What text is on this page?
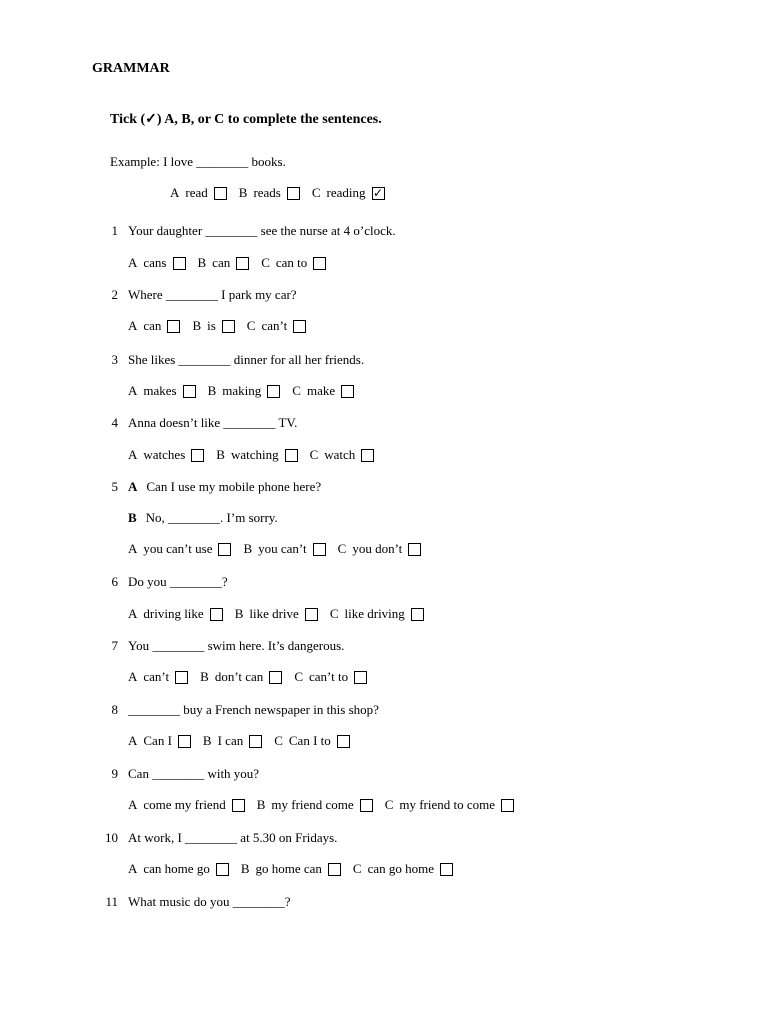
GRAMMAR
Tick (✓) A, B, or C to complete the sentences.
Example: I love ________ books.
A read B reads C reading ✓
1 Your daughter ________ see the nurse at 4 o’clock.
A cans B can C can to
2 Where ________ I park my car?
A can B is C can’t
3 She likes ________ dinner for all her friends.
A makes B making C make
4 Anna doesn’t like ________ TV.
A watches B watching C watch
5 A Can I use my mobile phone here?
B No, ________. I’m sorry.
A you can’t use B you can’t C you don’t
6 Do you ________?
A driving like B like drive C like driving
7 You ________ swim here. It’s dangerous.
A can’t B don’t can C can’t to
8 ________ buy a French newspaper in this shop?
A Can I B I can C Can I to
9 Can ________ with you?
A come my friend B my friend come C my friend to come
10 At work, I ________ at 5.30 on Fridays.
A can home go B go home can C can go home
11 What music do you ________?
